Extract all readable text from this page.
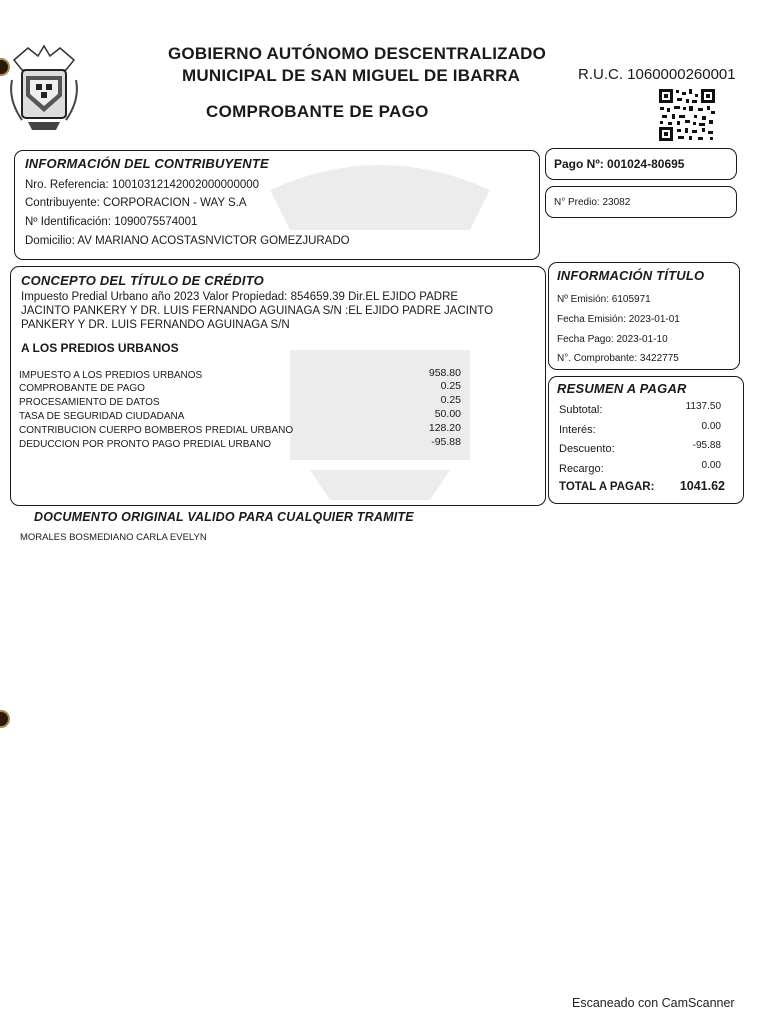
GOBIERNO AUTÓNOMO DESCENTRALIZADO
MUNICIPAL DE SAN MIGUEL DE IBARRA
COMPROBANTE DE PAGO
R.U.C. 1060000260001
INFORMACIÓN DEL CONTRIBUYENTE
Nro. Referencia: 10010312142002000000000
Contribuyente: CORPORACION - WAY S.A
Nº Identificación: 1090075574001
Domicilio: AV MARIANO ACOSTASNVICTOR GOMEZJURADO
Pago Nº: 001024-80695
N° Predio: 23082
CONCEPTO DEL TÍTULO DE CRÉDITO
Impuesto Predial Urbano año 2023 Valor Propiedad: 854659.39 Dir.EL EJIDO PADRE
JACINTO PANKERY Y DR. LUIS FERNANDO AGUINAGA S/N :EL EJIDO PADRE JACINTO
PANKERY Y DR. LUIS FERNANDO AGUINAGA S/N
A LOS PREDIOS URBANOS
IMPUESTO A LOS PREDIOS URBANOS	958.80
COMPROBANTE DE PAGO	0.25
PROCESAMIENTO DE DATOS	0.25
TASA DE SEGURIDAD CIUDADANA	50.00
CONTRIBUCION CUERPO BOMBEROS PREDIAL URBANO	128.20
DEDUCCION POR PRONTO PAGO PREDIAL URBANO	-95.88
INFORMACIÓN TÍTULO
Nº Emisión: 6105971
Fecha Emisión: 2023-01-01
Fecha Pago: 2023-01-10
N°. Comprobante: 3422775
RESUMEN A PAGAR
Subtotal:	1137.50
Interés:	0.00
Descuento:	-95.88
Recargo:	0.00
TOTAL A PAGAR: 1041.62
DOCUMENTO ORIGINAL VALIDO PARA CUALQUIER TRAMITE
MORALES BOSMEDIANO CARLA EVELYN
Escaneado con CamScanner
